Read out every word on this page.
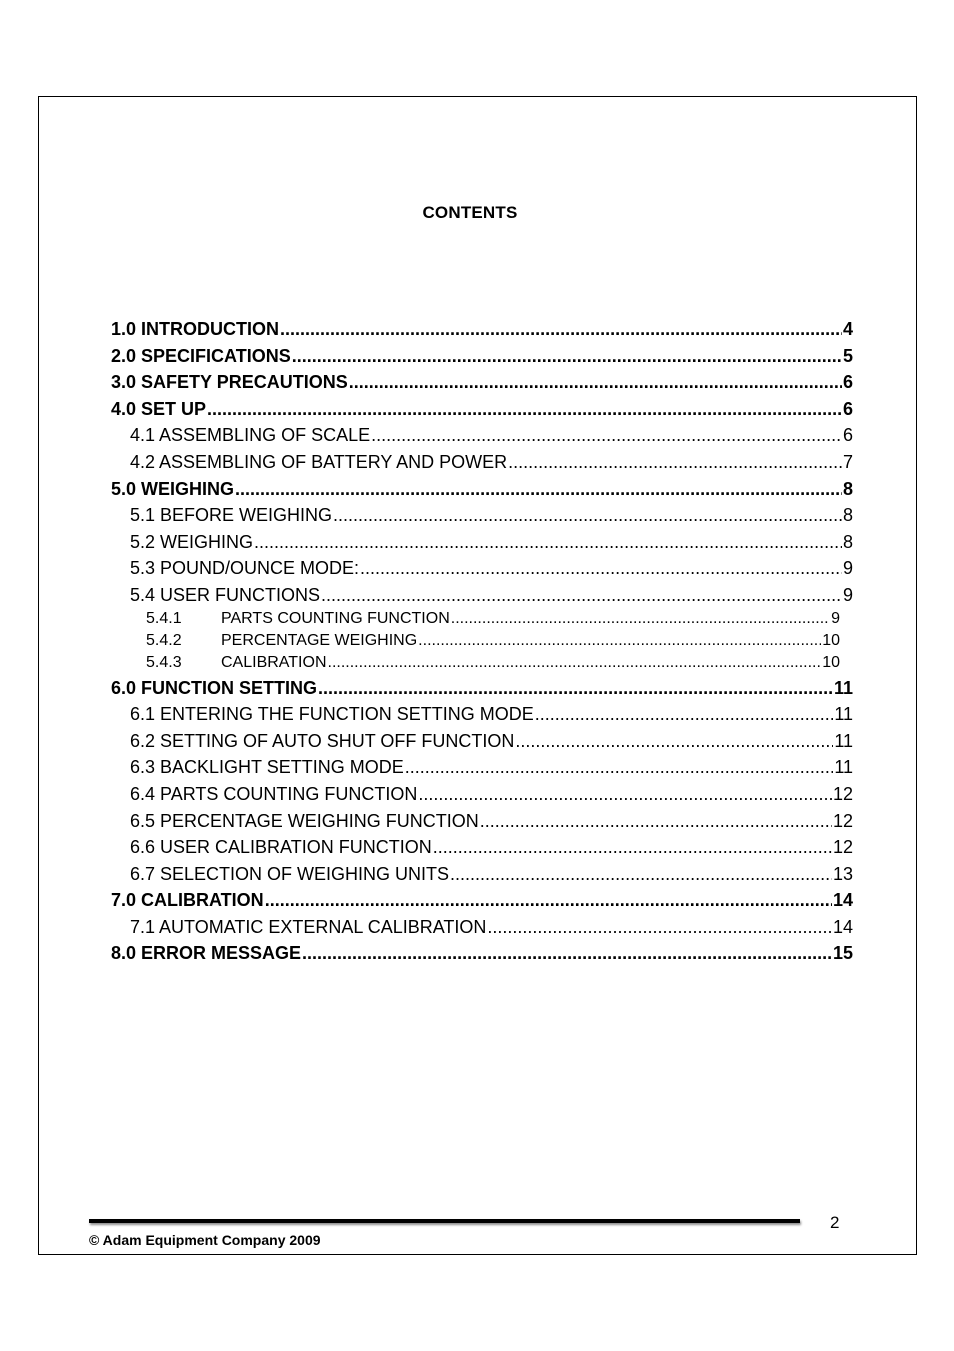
CONTENTS
1.0 INTRODUCTION .....	4
2.0 SPECIFICATIONS .....	5
3.0 SAFETY PRECAUTIONS .....	6
4.0 SET UP .....	6
4.1 ASSEMBLING OF SCALE .....	6
4.2 ASSEMBLING OF BATTERY AND POWER .....	7
5.0 WEIGHING .....	8
5.1 BEFORE WEIGHING .....	8
5.2 WEIGHING .....	8
5.3 POUND/OUNCE MODE: .....	9
5.4 USER FUNCTIONS .....	9
5.4.1 PARTS COUNTING FUNCTION .....	9
5.4.2 PERCENTAGE WEIGHING .....	10
5.4.3 CALIBRATION .....	10
6.0 FUNCTION SETTING .....	11
6.1 ENTERING THE FUNCTION SETTING MODE .....	11
6.2 SETTING OF AUTO SHUT OFF FUNCTION .....	11
6.3 BACKLIGHT SETTING MODE .....	11
6.4 PARTS COUNTING FUNCTION .....	12
6.5 PERCENTAGE WEIGHING FUNCTION .....	12
6.6 USER CALIBRATION FUNCTION .....	12
6.7 SELECTION OF WEIGHING UNITS .....	13
7.0 CALIBRATION .....	14
7.1 AUTOMATIC EXTERNAL CALIBRATION .....	14
8.0 ERROR MESSAGE .....	15
2
© Adam Equipment Company 2009
